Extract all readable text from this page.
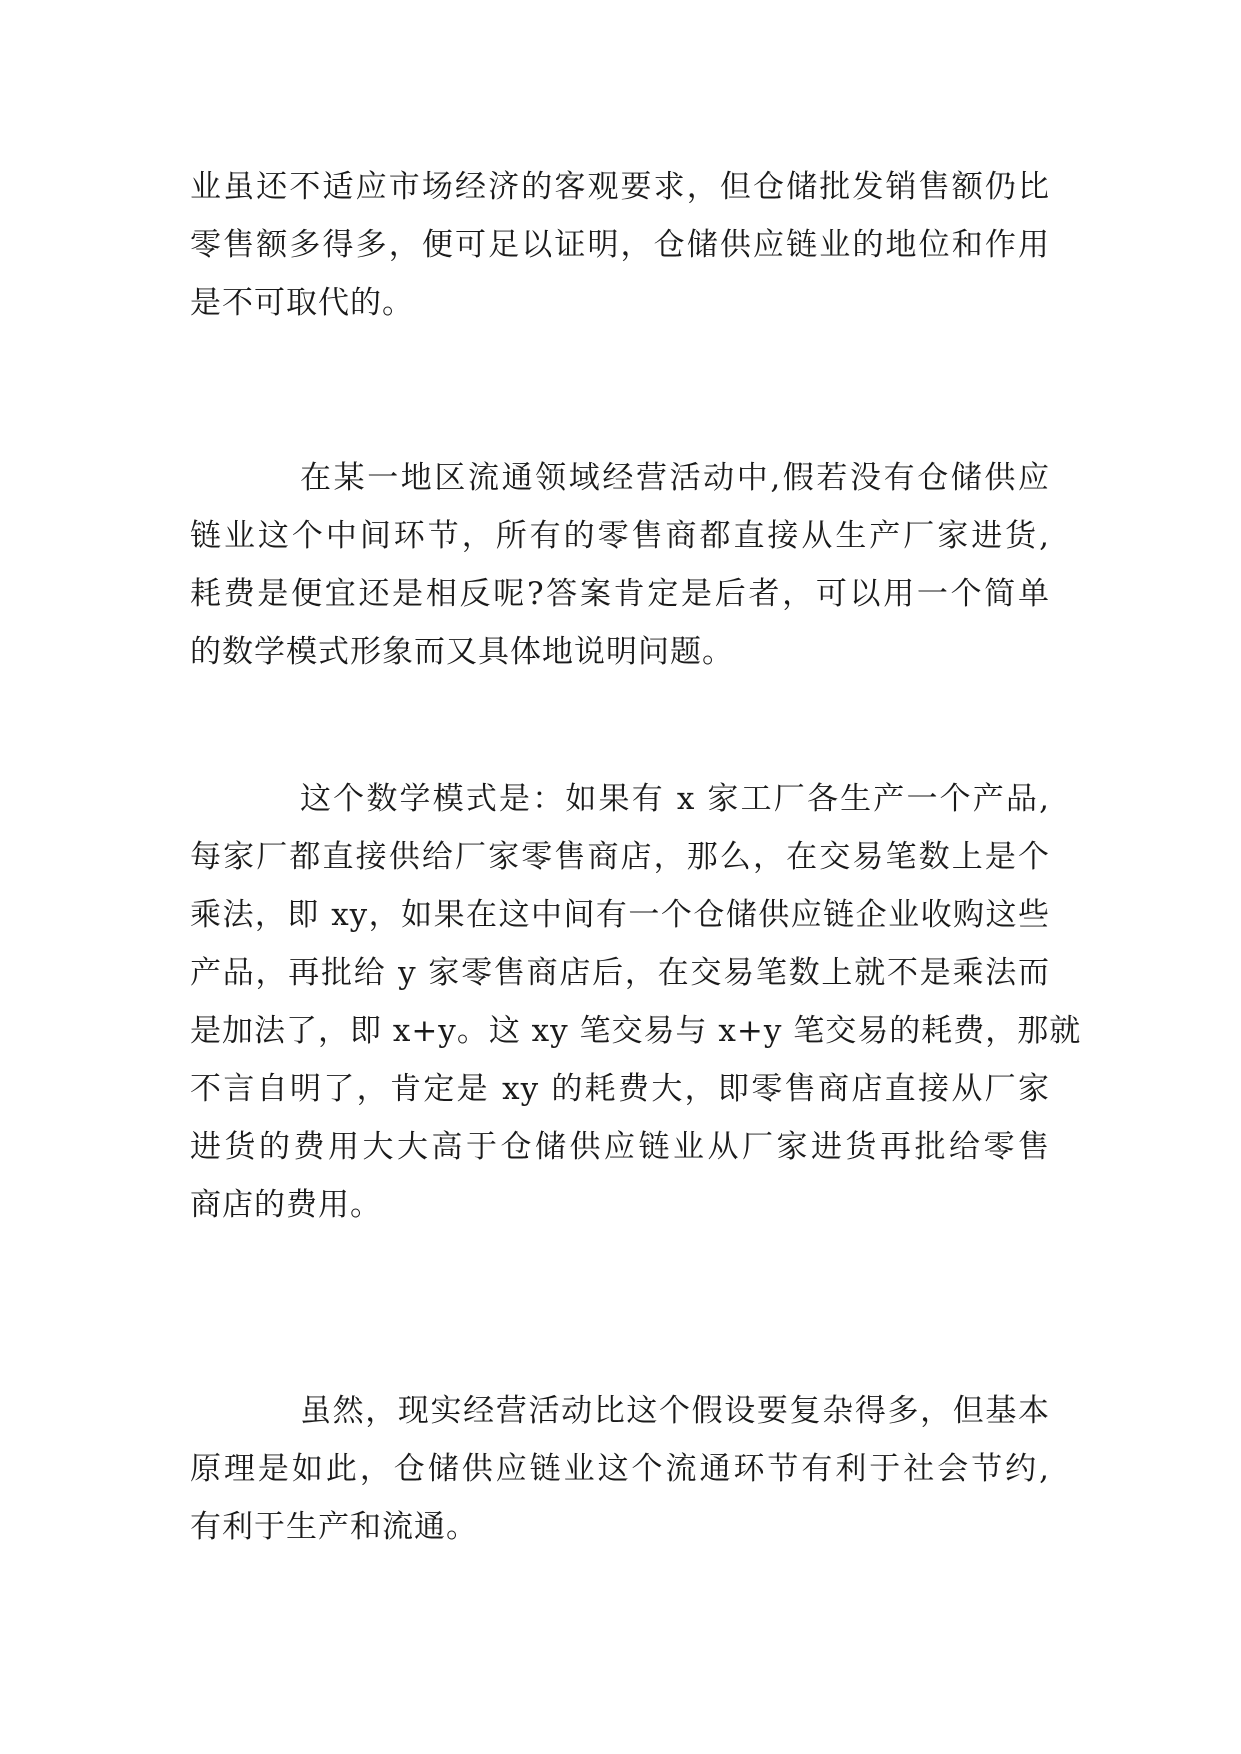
业虽还不适应市场经济的客观要求，但仓储批发销售额仍比
零售额多得多，便可足以证明，仓储供应链业的地位和作用
是不可取代的。
在某一地区流通领域经营活动中,假若没有仓储供应
链业这个中间环节，所有的零售商都直接从生产厂家进货,
耗费是便宜还是相反呢?答案肯定是后者，可以用一个简单
的数学模式形象而又具体地说明问题。
这个数学模式是：如果有 x 家工厂各生产一个产品,
每家厂都直接供给厂家零售商店，那么，在交易笔数上是个
乘法，即 xy，如果在这中间有一个仓储供应链企业收购这些
产品，再批给 y 家零售商店后，在交易笔数上就不是乘法而
是加法了，即 x+y。这 xy 笔交易与 x+y 笔交易的耗费，那就
不言自明了，肯定是 xy 的耗费大，即零售商店直接从厂家
进货的费用大大高于仓储供应链业从厂家进货再批给零售
商店的费用。
虽然，现实经营活动比这个假设要复杂得多，但基本
原理是如此，仓储供应链业这个流通环节有利于社会节约,
有利于生产和流通。
